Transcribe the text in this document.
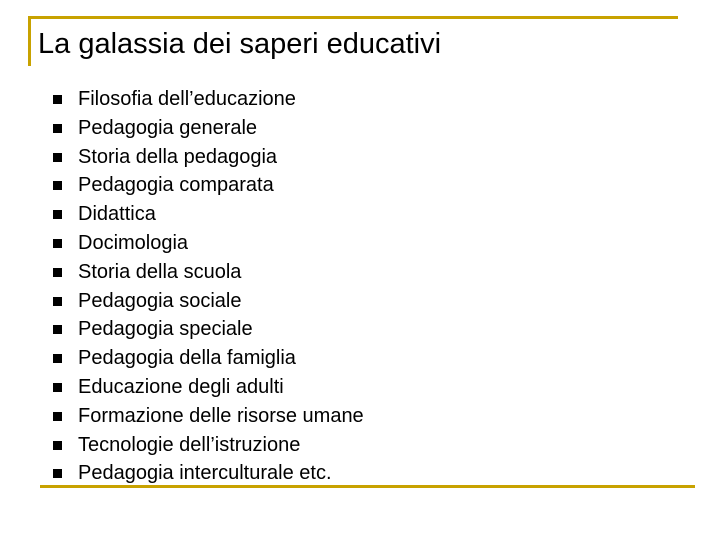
La galassia dei saperi educativi
Filosofia dell’educazione
Pedagogia generale
Storia della pedagogia
Pedagogia comparata
Didattica
Docimologia
Storia della scuola
Pedagogia sociale
Pedagogia speciale
Pedagogia della famiglia
Educazione degli adulti
Formazione delle risorse umane
Tecnologie dell’istruzione
Pedagogia interculturale etc.
